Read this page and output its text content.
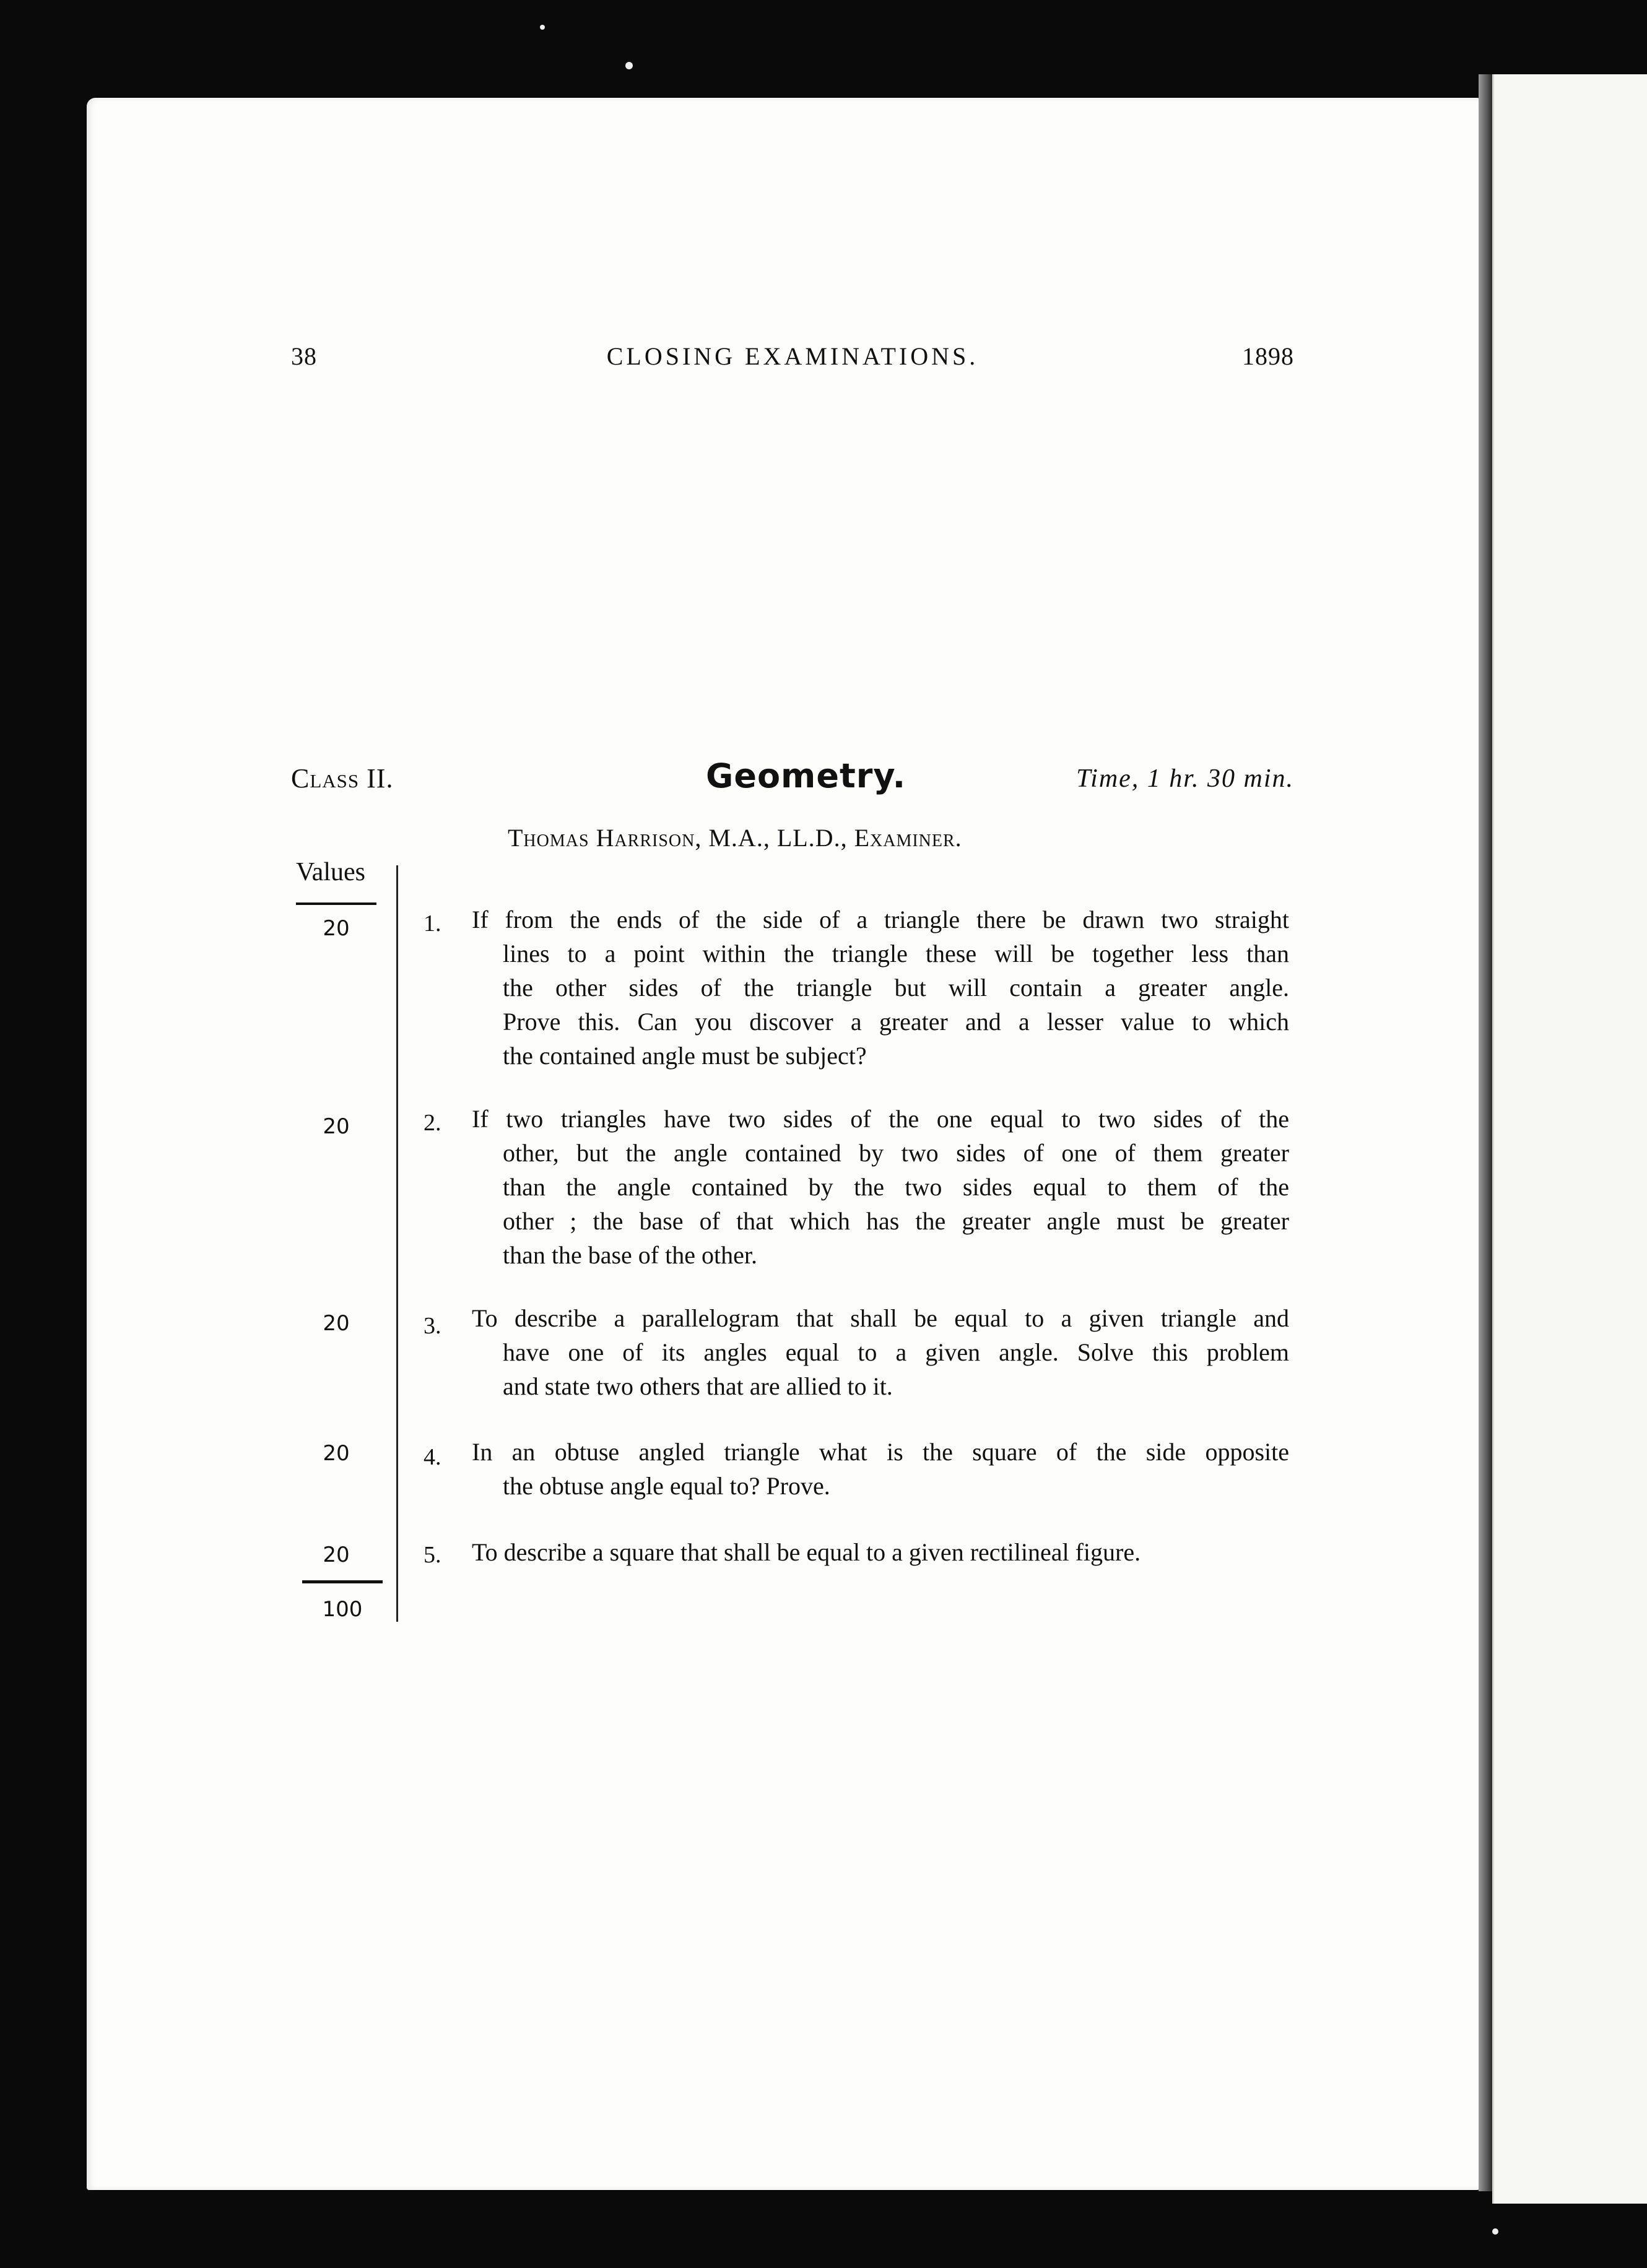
38	CLOSING EXAMINATIONS.	1898
Class II.	Geometry.	Time, 1 hr. 30 min.
Thomas Harrison, M.A., LL.D., Examiner.
Values
20	1. If from the ends of the side of a triangle there be drawn two straight
lines to a point within the triangle these will be together less than
the other sides of the triangle but will contain a greater angle.
Prove this. Can you discover a greater and a lesser value to which
the contained angle must be subject?
20	2. If two triangles have two sides of the one equal to two sides of the
other, but the angle contained by two sides of one of them greater
than the angle contained by the two sides equal to them of the
other ; the base of that which has the greater angle must be greater
than the base of the other.
20	3. To describe a parallelogram that shall be equal to a given triangle and
have one of its angles equal to a given angle. Solve this problem
and state two others that are allied to it.
20	4. In an obtuse angled triangle what is the square of the side opposite
the obtuse angle equal to? Prove.
20	5. To describe a square that shall be equal to a given rectilineal figure.
100
